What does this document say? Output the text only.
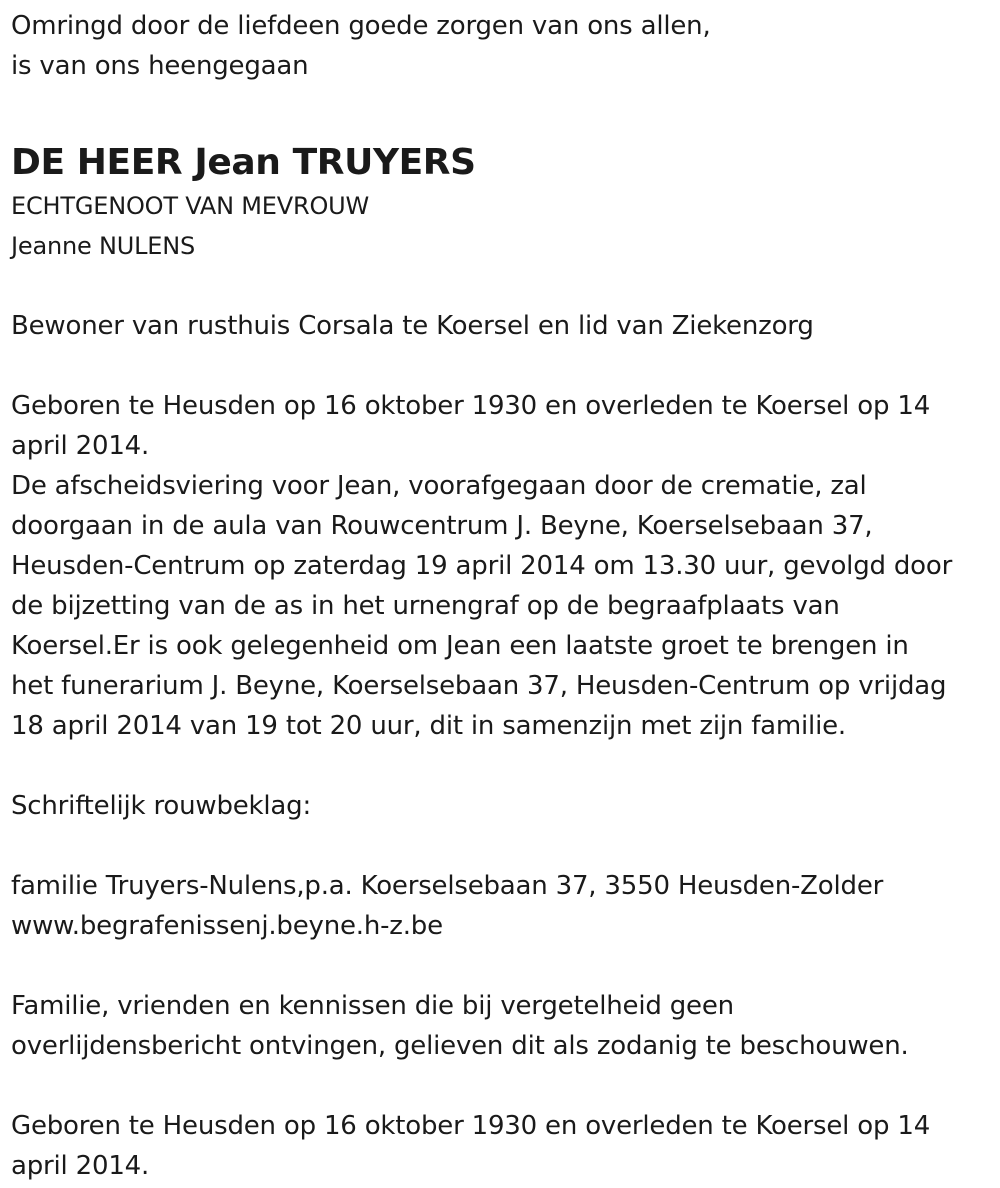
Omringd door de liefdeen goede zorgen van ons allen,
is van ons heengegaan
DE HEER Jean TRUYERS
ECHTGENOOT VAN MEVROUW
Jeanne NULENS
Bewoner van rusthuis Corsala te Koersel en lid van Ziekenzorg
Geboren te Heusden op 16 oktober 1930 en overleden te Koersel op 14
april 2014.
De afscheidsviering voor Jean, voorafgegaan door de crematie, zal
doorgaan in de aula van Rouwcentrum J. Beyne, Koerselsebaan 37,
Heusden-Centrum op zaterdag 19 april 2014 om 13.30 uur, gevolgd door
de bijzetting van de as in het urnengraf op de begraafplaats van
Koersel.Er is ook gelegenheid om Jean een laatste groet te brengen in
het funerarium J. Beyne, Koerselsebaan 37, Heusden-Centrum op vrijdag
18 april 2014 van 19 tot 20 uur, dit in samenzijn met zijn familie.
Schriftelijk rouwbeklag:
familie Truyers-Nulens,p.a. Koerselsebaan 37, 3550 Heusden-Zolder
www.begrafenissenj.beyne.h-z.be
Familie, vrienden en kennissen die bij vergetelheid geen
overlijdensbericht ontvingen, gelieven dit als zodanig te beschouwen.
Geboren te Heusden op 16 oktober 1930 en overleden te Koersel op 14
april 2014.
